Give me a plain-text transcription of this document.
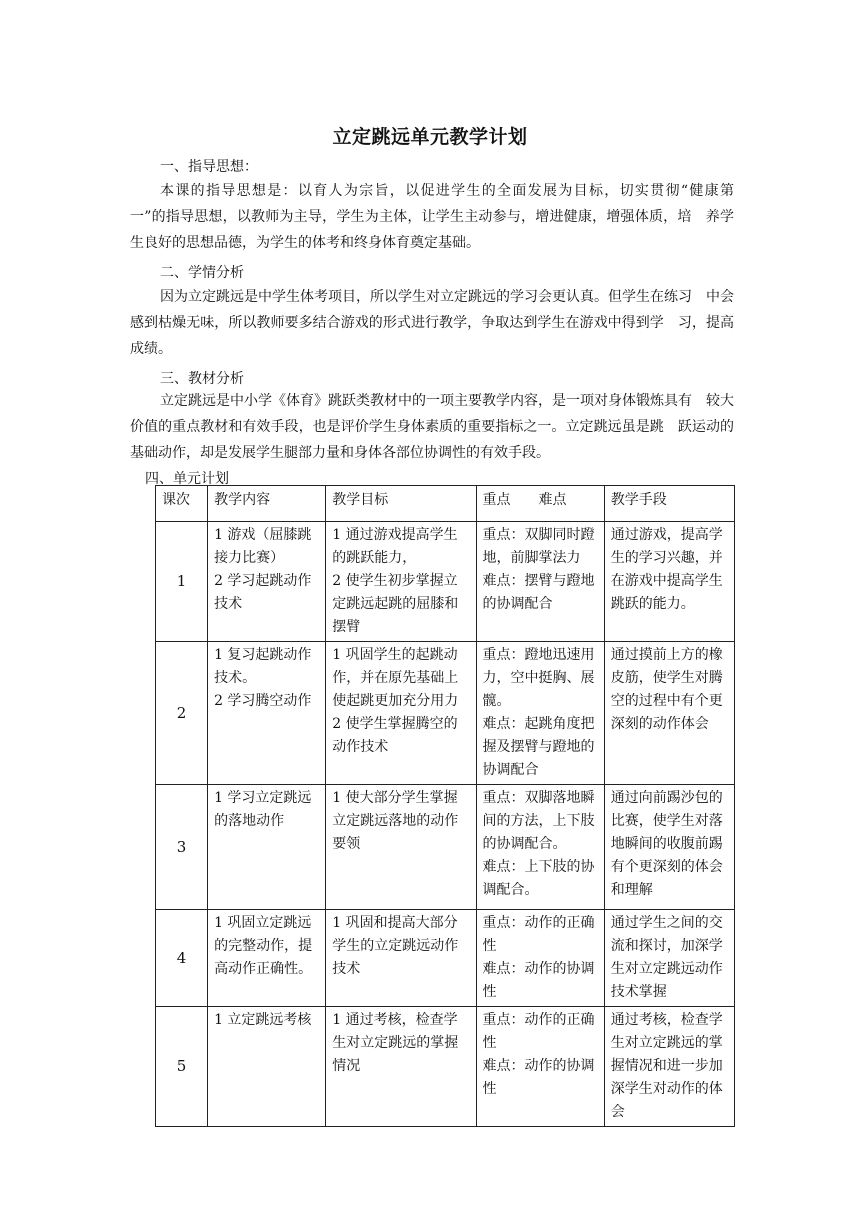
立定跳远单元教学计划

一、指导思想：

本课的指导思想是：以育人为宗旨，以促进学生的全面发展为目标，切实贯彻“健康第　一”的指导思想，以教师为主导，学生为主体，让学生主动参与，增进健康，增强体质，培　养学生良好的思想品德，为学生的体考和终身体育奠定基础。

二、学情分析

因为立定跳远是中学生体考项目，所以学生对立定跳远的学习会更认真。但学生在练习　中会感到枯燥无味，所以教师要多结合游戏的形式进行教学，争取达到学生在游戏中得到学　习，提高成绩。

三、教材分析

立定跳远是中小学《体育》跳跃类教材中的一项主要教学内容，是一项对身体锻炼具有　较大价值的重点教材和有效手段，也是评价学生身体素质的重要指标之一。立定跳远虽是跳　跃运动的基础动作，却是发展学生腿部力量和身体各部位协调性的有效手段。

四、单元计划

课次	教学内容	教学目标	重点　　难点	教学手段
1	1 游戏（屈膝跳接力比赛）
2 学习起跳动作技术	1 通过游戏提高学生的跳跃能力，
2 使学生初步掌握立定跳远起跳的屈膝和摆臂	重点：双脚同时蹬地，前脚掌法力
难点：摆臂与蹬地的协调配合	通过游戏，提高学生的学习兴趣，并在游戏中提高学生跳跃的能力。

2	1 复习起跳动作技术。
2 学习腾空动作	1 巩固学生的起跳动作，并在原先基础上使起跳更加充分用力
2 使学生掌握腾空的动作技术	重点：蹬地迅速用力，空中挺胸、展髋。
难点：起跳角度把握及摆臂与蹬地的协调配合	通过摸前上方的橡皮筋，使学生对腾空的过程中有个更深刻的动作体会

3	1 学习立定跳远的落地动作	1 使大部分学生掌握立定跳远落地的动作要领	重点：双脚落地瞬间的方法，上下肢的协调配合。
难点：上下肢的协调配合。	通过向前踢沙包的比赛，使学生对落地瞬间的收腹前踢有个更深刻的体会和理解

4	1 巩固立定跳远的完整动作，提高动作正确性。	1 巩固和提高大部分学生的立定跳远动作技术	重点：动作的正确性
难点：动作的协调性	通过学生之间的交流和探讨，加深学生对立定跳远动作技术掌握

5	1 立定跳远考核	1 通过考核，检查学生对立定跳远的掌握情况	重点：动作的正确性
难点：动作的协调性	通过考核，检查学生对立定跳远的掌握情况和进一步加深学生对动作的体会
